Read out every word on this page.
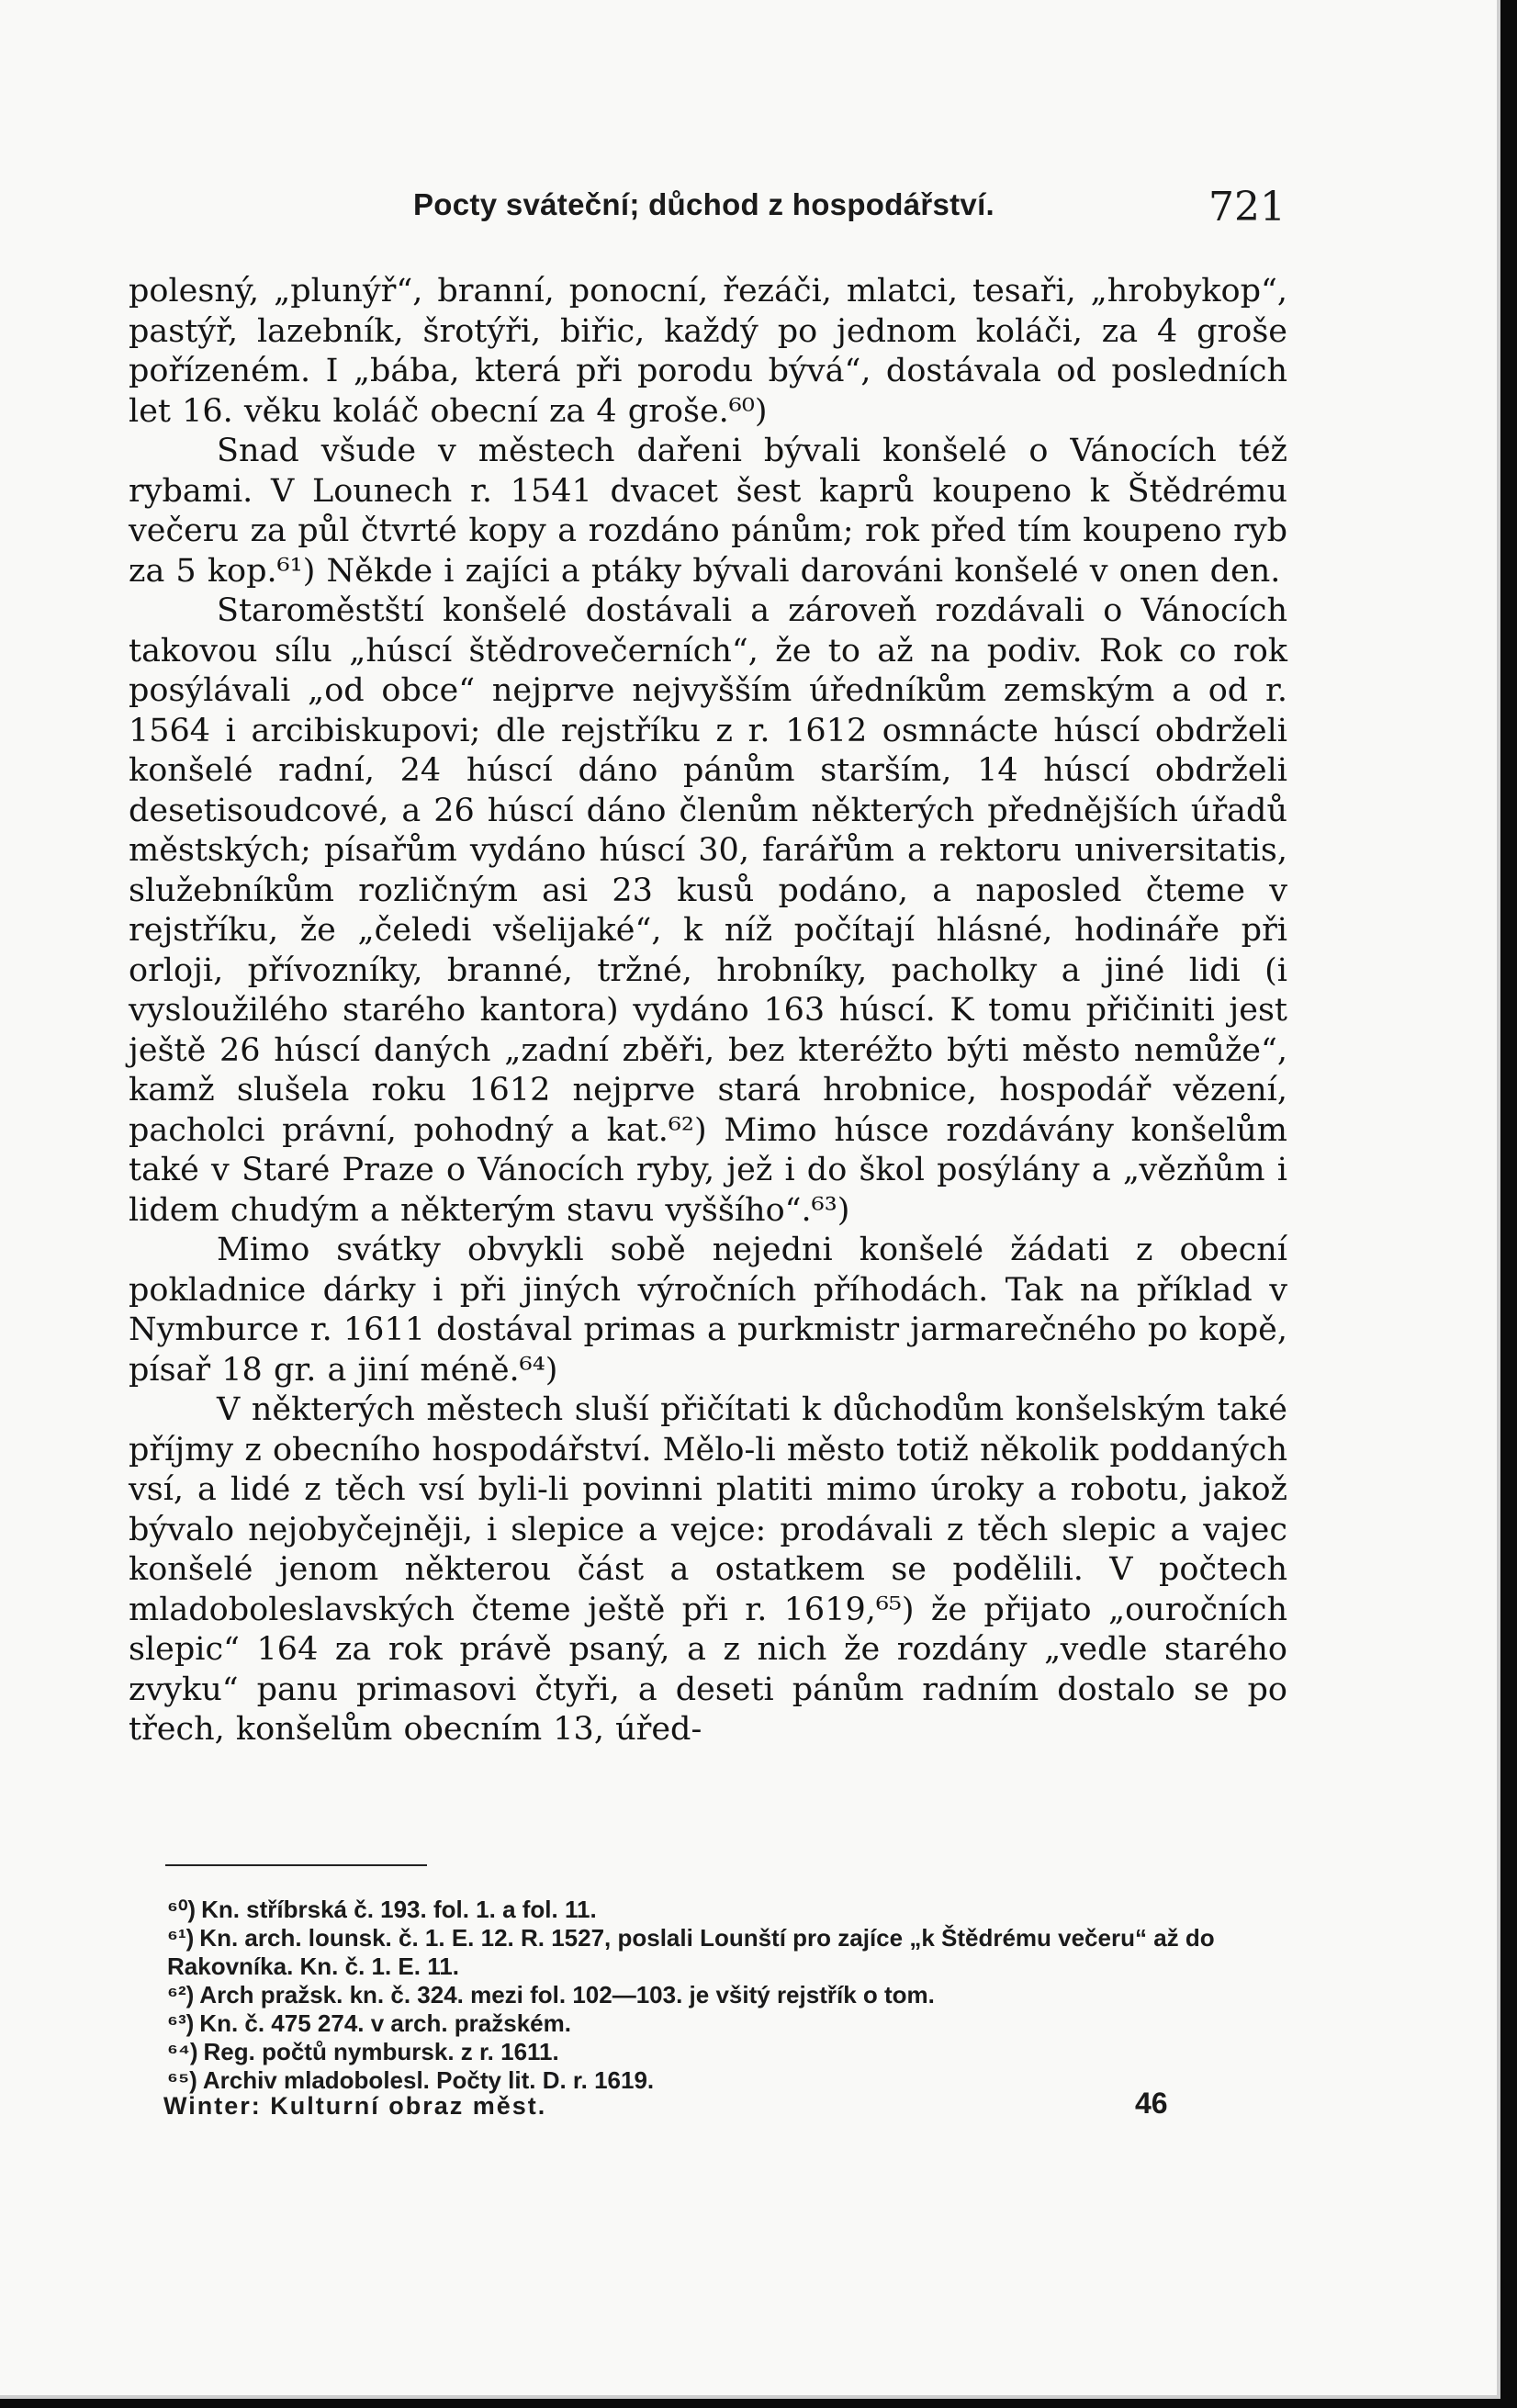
Pocty sváteční; důchod z hospodářství.	721

polesný, „plunýř“, branní, ponocní, řezáči, mlatci, tesaři, „hrobykop“, pastýř, lazebník, šrotýři, biřic, každý po jednom koláči, za 4 groše pořízeném. I „bába, která při porodu bývá“, dostávala od posledních let 16. věku koláč obecní za 4 groše.⁶⁰)

Snad všude v městech dařeni bývali konšelé o Vánocích též rybami. V Lounech r. 1541 dvacet šest kaprů koupeno k Štědrému večeru za půl čtvrté kopy a rozdáno pánům; rok před tím koupeno ryb za 5 kop.⁶¹) Někde i zajíci a ptáky bývali darováni konšelé v onen den.

Staroměstští konšelé dostávali a zároveň rozdávali o Vánocích takovou sílu „húscí štědrovečerních“, že to až na podiv. Rok co rok posýlávali „od obce“ nejprve nejvyšším úředníkům zemským a od r. 1564 i arcibiskupovi; dle rejstříku z r. 1612 osmnácte húscí obdrželi konšelé radní, 24 húscí dáno pánům starším, 14 húscí obdrželi desetisoudcové, a 26 húscí dáno členům některých přednějších úřadů městských; písařům vydáno húscí 30, farářům a rektoru universitatis, služebníkům rozličným asi 23 kusů podáno, a naposled čteme v rejstříku, že „čeledi všelijaké“, k níž počítají hlásné, hodináře při orloji, přívozníky, branné, tržné, hrobníky, pacholky a jiné lidi (i vysloužilého starého kantora) vydáno 163 húscí. K tomu přičiniti jest ještě 26 húscí daných „zadní zběři, bez kteréžto býti město nemůže“, kamž slušela roku 1612 nejprve stará hrobnice, hospodář vězení, pacholci právní, pohodný a kat.⁶²) Mimo húsce rozdávány konšelům také v Staré Praze o Vánocích ryby, jež i do škol posýlány a „vězňům i lidem chudým a některým stavu vyššího“.⁶³)

Mimo svátky obvykli sobě nejedni konšelé žádati z obecní pokladnice dárky i při jiných výročních příhodách. Tak na příklad v Nymburce r. 1611 dostával primas a purkmistr jarmarečného po kopě, písař 18 gr. a jiní méně.⁶⁴)

V některých městech sluší přičítati k důchodům konšelským také příjmy z obecního hospodářství. Mělo-li město totiž několik poddaných vsí, a lidé z těch vsí byli-li povinni platiti mimo úroky a robotu, jakož bývalo nejobyčejněji, i slepice a vejce: prodávali z těch slepic a vajec konšelé jenom některou část a ostatkem se podělili. V počtech mladoboleslavských čteme ještě při r. 1619,⁶⁵) že přijato „ouročních slepic“ 164 za rok právě psaný, a z nich že rozdány „vedle starého zvyku“ panu primasovi čtyři, a deseti pánům radním dostalo se po třech, konšelům obecním 13, úřed-

⁶⁰) Kn. stříbrská č. 193. fol. 1. a fol. 11.

⁶¹) Kn. arch. lounsk. č. 1. E. 12. R. 1527, poslali Lounští pro zajíce „k Štědrému večeru“ až do Rakovníka. Kn. č. 1. E. 11.

⁶²) Arch pražsk. kn. č. 324. mezi fol. 102—103. je všitý rejstřík o tom.

⁶³) Kn. č. 475 274. v arch. pražském.

⁶⁴) Reg. počtů nymbursk. z r. 1611.

⁶⁵) Archiv mladobolesl. Počty lit. D. r. 1619.

Winter: Kulturní obraz měst.	46
